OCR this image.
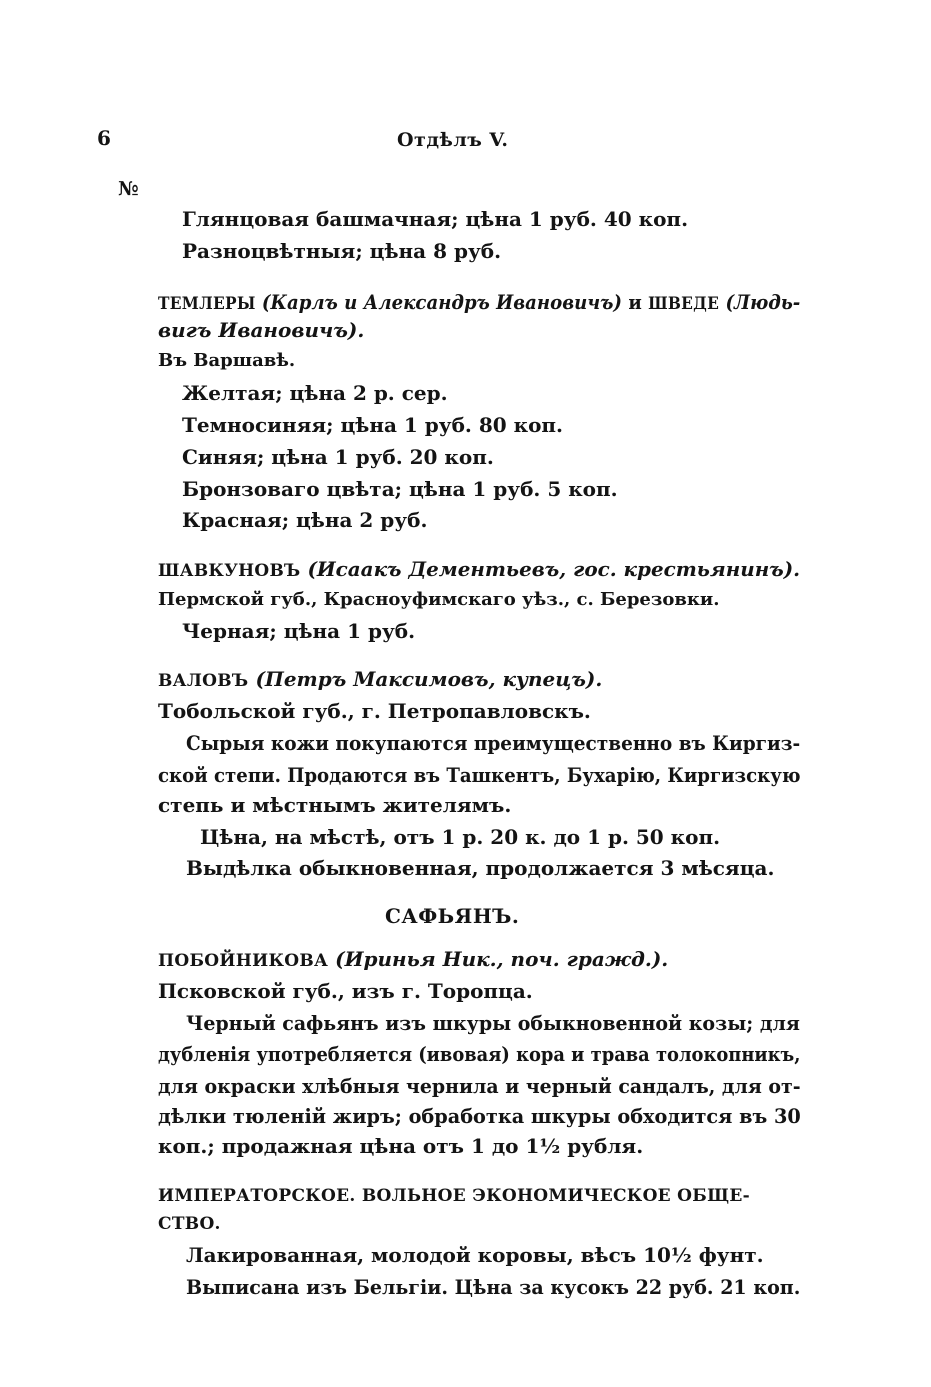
6	Отдѣлъ V.
№
Глянцовая башмачная; цѣна 1 руб. 40 коп.
Разноцвѣтныя; цѣна 8 руб.
ТЕМЛЕРЫ (Карлъ и Александръ Ивановичъ) и ШВЕДЕ (Людь-
вигъ Ивановичъ).
Въ Варшавѣ.
Желтая; цѣна 2 р. сер.
Темносиняя; цѣна 1 руб. 80 коп.
Синяя; цѣна 1 руб. 20 коп.
Бронзоваго цвѣта; цѣна 1 руб. 5 коп.
Красная; цѣна 2 руб.
ШАВКУНОВЪ (Исаакъ Дементьевъ, гос. крестьянинъ).
Пермской губ., Красноуфимскаго уѣз., с. Березовки.
Черная; цѣна 1 руб.
ВАЛОВЪ (Петръ Максимовъ, купецъ).
Тобольской губ., г. Петропавловскъ.
Сырыя кожи покупаются преимущественно въ Киргиз-
ской степи. Продаются въ Ташкентъ, Бухарію, Киргизскую
степь и мѣстнымъ жителямъ.
Цѣна, на мѣстѣ, отъ 1 р. 20 к. до 1 р. 50 коп.
Выдѣлка обыкновенная, продолжается 3 мѣсяца.
САФЬЯНЪ.
ПОБОЙНИКОВА (Иринья Ник., поч. гражд.).
Псковской губ., изъ г. Торопца.
Черный сафьянъ изъ шкуры обыкновенной козы; для
дубленія употребляется (ивовая) кора и трава толокопникъ,
для окраски хлѣбныя чернила и черный сандалъ, для от-
дѣлки тюленій жиръ; обработка шкуры обходится въ 30
коп.; продажная цѣна отъ 1 до 1½ рубля.
ИМПЕРАТОРСКОЕ. ВОЛЬНОЕ ЭКОНОМИЧЕСКОЕ ОБЩЕ-
СТВО.
Лакированная, молодой коровы, вѣсъ 10½ фунт.
Выписана изъ Бельгіи. Цѣна за кусокъ 22 руб. 21 коп.
